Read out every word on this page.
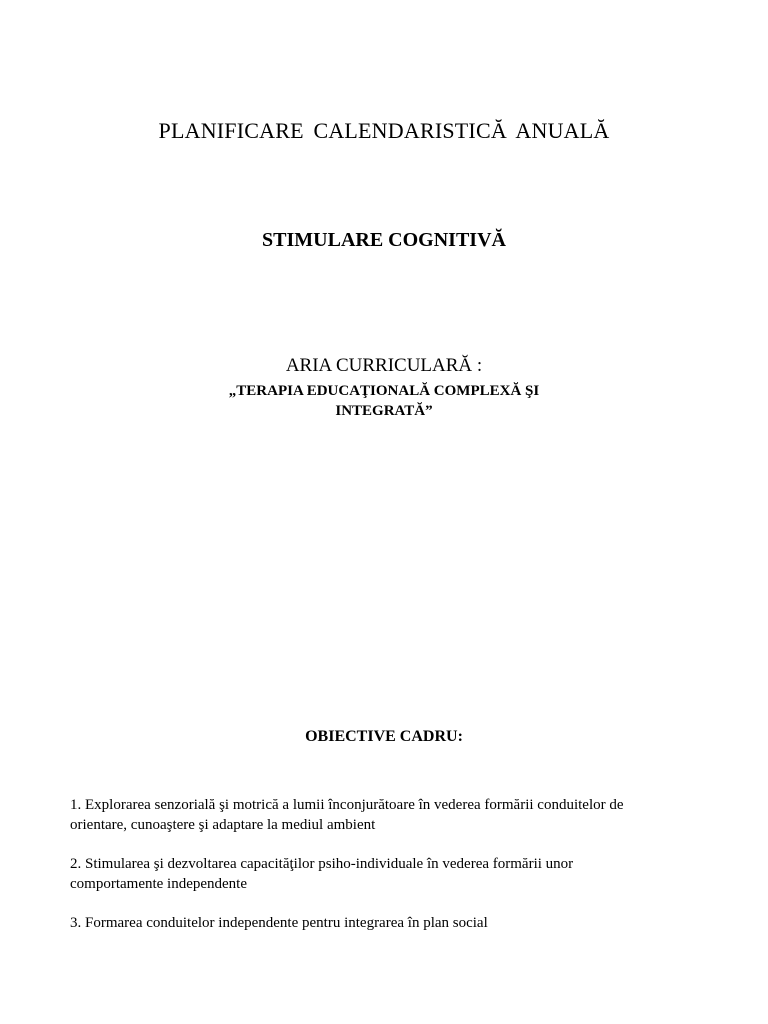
PLANIFICARE CALENDARISTICĂ ANUALĂ
STIMULARE COGNITIVĂ
ARIA CURRICULARĂ :
„TERAPIA EDUCAŢIONALĂ COMPLEXĂ ŞI INTEGRATĂ”
OBIECTIVE CADRU:
1. Explorarea senzorială şi motrică a lumii înconjurătoare în vederea formării conduitelor de orientare, cunoaştere şi adaptare la mediul ambient
2. Stimularea şi dezvoltarea capacităţilor psiho-individuale în vederea formării unor comportamente independente
3. Formarea conduitelor independente pentru integrarea în plan social
